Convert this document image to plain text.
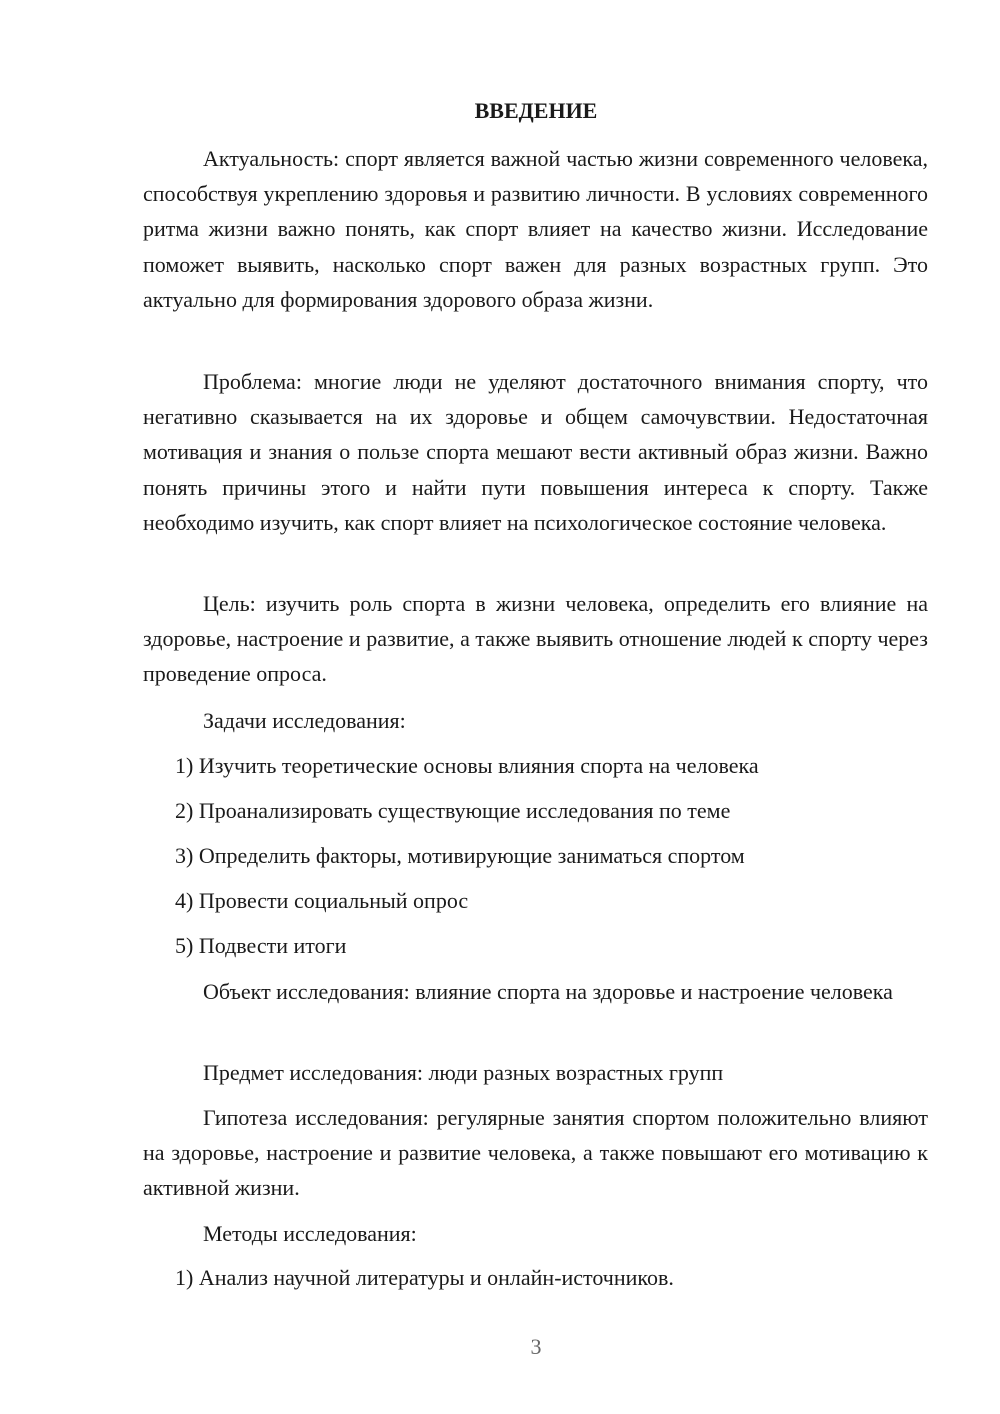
ВВЕДЕНИЕ

Актуальность: спорт является важной частью жизни современного человека, способствуя укреплению здоровья и развитию личности. В условиях современного ритма жизни важно понять, как спорт влияет на качество жизни. Исследование поможет выявить, насколько спорт важен для разных возрастных групп. Это актуально для формирования здорового образа жизни.

Проблема: многие люди не уделяют достаточного внимания спорту, что негативно сказывается на их здоровье и общем самочувствии. Недостаточная мотивация и знания о пользе спорта мешают вести активный образ жизни. Важно понять причины этого и найти пути повышения интереса к спорту. Также необходимо изучить, как спорт влияет на психологическое состояние человека.

Цель: изучить роль спорта в жизни человека, определить его влияние на здоровье, настроение и развитие, а также выявить отношение людей к спорту через проведение опроса.

Задачи исследования:

1) Изучить теоретические основы влияния спорта на человека

2) Проанализировать существующие исследования по теме

3) Определить факторы, мотивирующие заниматься спортом

4) Провести социальный опрос

5) Подвести итоги

Объект исследования: влияние спорта на здоровье и настроение человека

Предмет исследования: люди разных возрастных групп

Гипотеза исследования: регулярные занятия спортом положительно влияют на здоровье, настроение и развитие человека, а также повышают его мотивацию к активной жизни.

Методы исследования:

1) Анализ научной литературы и онлайн-источников.

3
